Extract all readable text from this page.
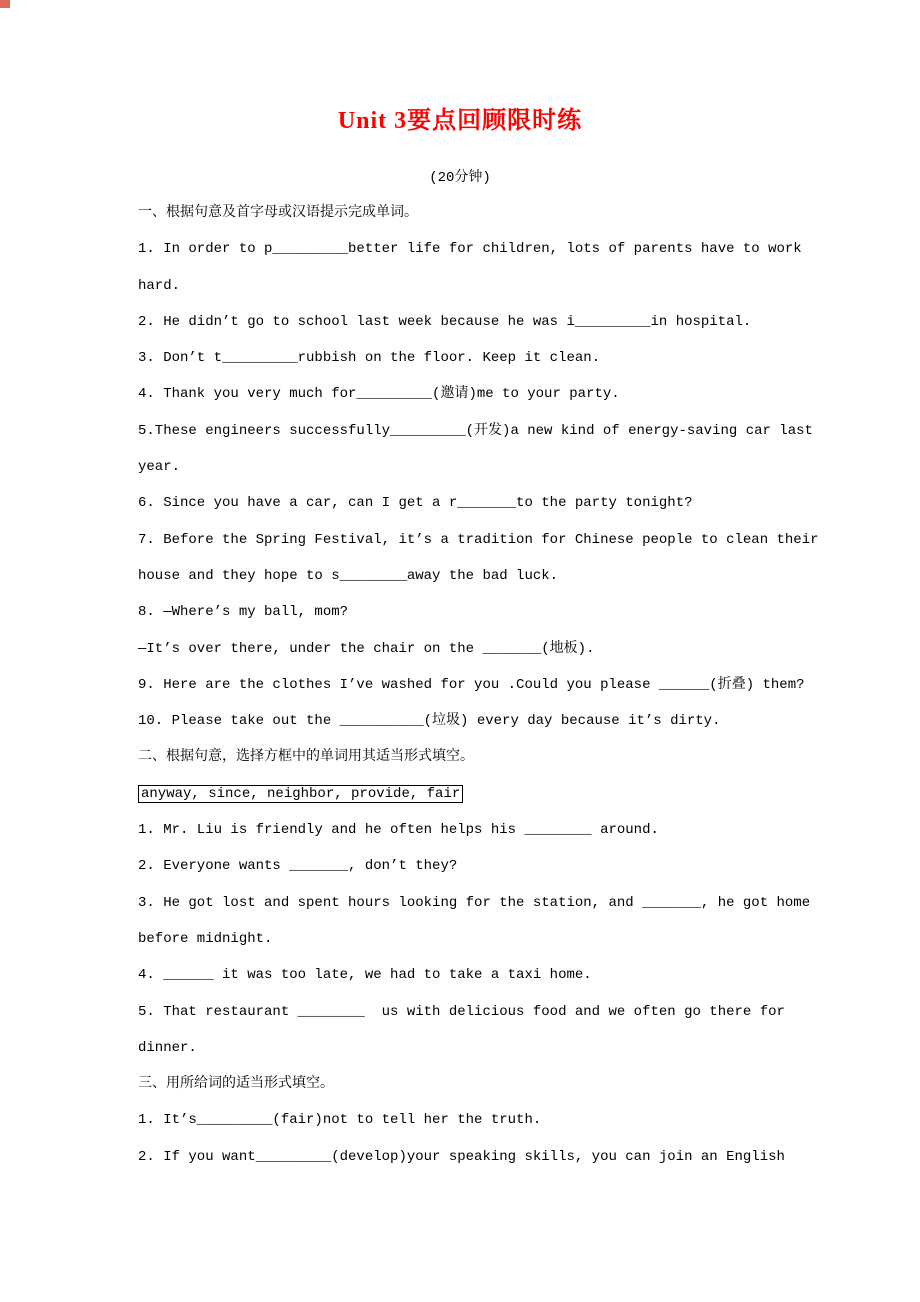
Unit 3要点回顾限时练
(20分钟)
一、根据句意及首字母或汉语提示完成单词。
1. In order to p_________better life for children, lots of parents have to work
hard.
2. He didn’t go to school last week because he was i_________in hospital.
3. Don’t t_________rubbish on the floor. Keep it clean.
4. Thank you very much for_________(邀请)me to your party.
5.These engineers successfully_________(开发)a new kind of energy-saving car last
year.
6. Since you have a car, can I get a r_______to the party tonight?
7. Before the Spring Festival, it’s a tradition for Chinese people to clean their
house and they hope to s________away the bad luck.
8. —Where’s my ball, mom?
—It’s over there, under the chair on the _______(地板).
9. Here are the clothes I’ve washed for you .Could you please ______(折叠) them?
10. Please take out the __________(垃圾) every day because it’s dirty.
二、根据句意，选择方框中的单词用其适当形式填空。
anyway, since, neighbor, provide, fair
1. Mr. Liu is friendly and he often helps his ________ around.
2. Everyone wants _______, don’t they?
3. He got lost and spent hours looking for the station, and _______, he got home
before midnight.
4. ______ it was too late, we had to take a taxi home.
5. That restaurant ________  us with delicious food and we often go there for
dinner.
三、用所给词的适当形式填空。
1. It’s_________(fair)not to tell her the truth.
2. If you want_________(develop)your speaking skills, you can join an English
